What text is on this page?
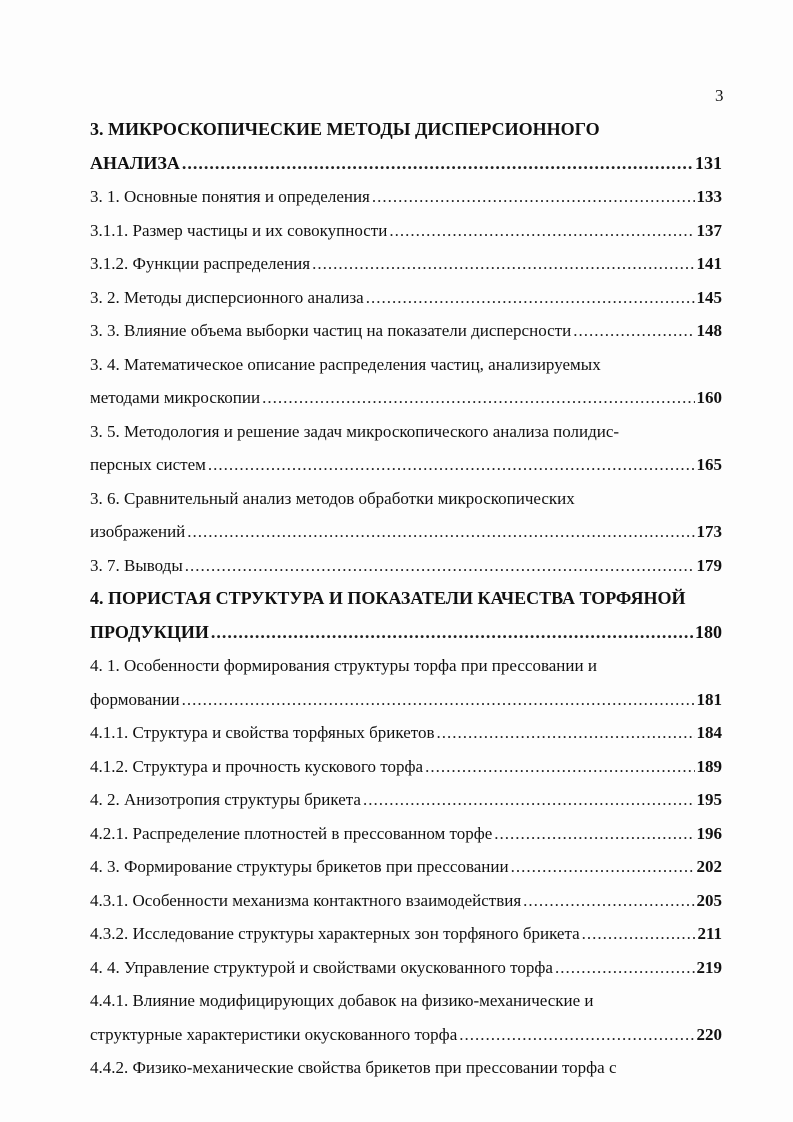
3
3. МИКРОСКОПИЧЕСКИЕ МЕТОДЫ ДИСПЕРСИОННОГО
АНАЛИЗА .....	131
3. 1. Основные понятия и определения .....	133
3.1.1. Размер частицы и их совокупности .....	137
3.1.2. Функции распределения .....	141
3. 2. Методы дисперсионного анализа .....	145
3. 3. Влияние объема выборки частиц на показатели дисперсности .....	148
3. 4. Математическое описание распределения частиц, анализируемых
методами микроскопии .....	160
3. 5. Методология и решение задач микроскопического анализа полидис-
персных систем .....	165
3. 6. Сравнительный анализ методов обработки микроскопических
изображений .....	173
3. 7. Выводы .....	179
4. ПОРИСТАЯ СТРУКТУРА И ПОКАЗАТЕЛИ КАЧЕСТВА ТОРФЯНОЙ
ПРОДУКЦИИ .....	180
4. 1. Особенности формирования структуры торфа при прессовании и
формовании .....	181
4.1.1. Структура и свойства торфяных брикетов .....	184
4.1.2. Структура и прочность кускового торфа .....	189
4. 2. Анизотропия структуры брикета .....	195
4.2.1. Распределение плотностей в прессованном торфе .....	196
4. 3. Формирование структуры брикетов при прессовании .....	202
4.3.1. Особенности механизма контактного взаимодействия .....	205
4.3.2. Исследование структуры характерных зон торфяного брикета .....	211
4. 4. Управление структурой и свойствами окускованного торфа .....	219
4.4.1. Влияние модифицирующих добавок на физико-механические и
структурные характеристики окускованного торфа .....	220
4.4.2. Физико-механические свойства брикетов при прессовании торфа с
